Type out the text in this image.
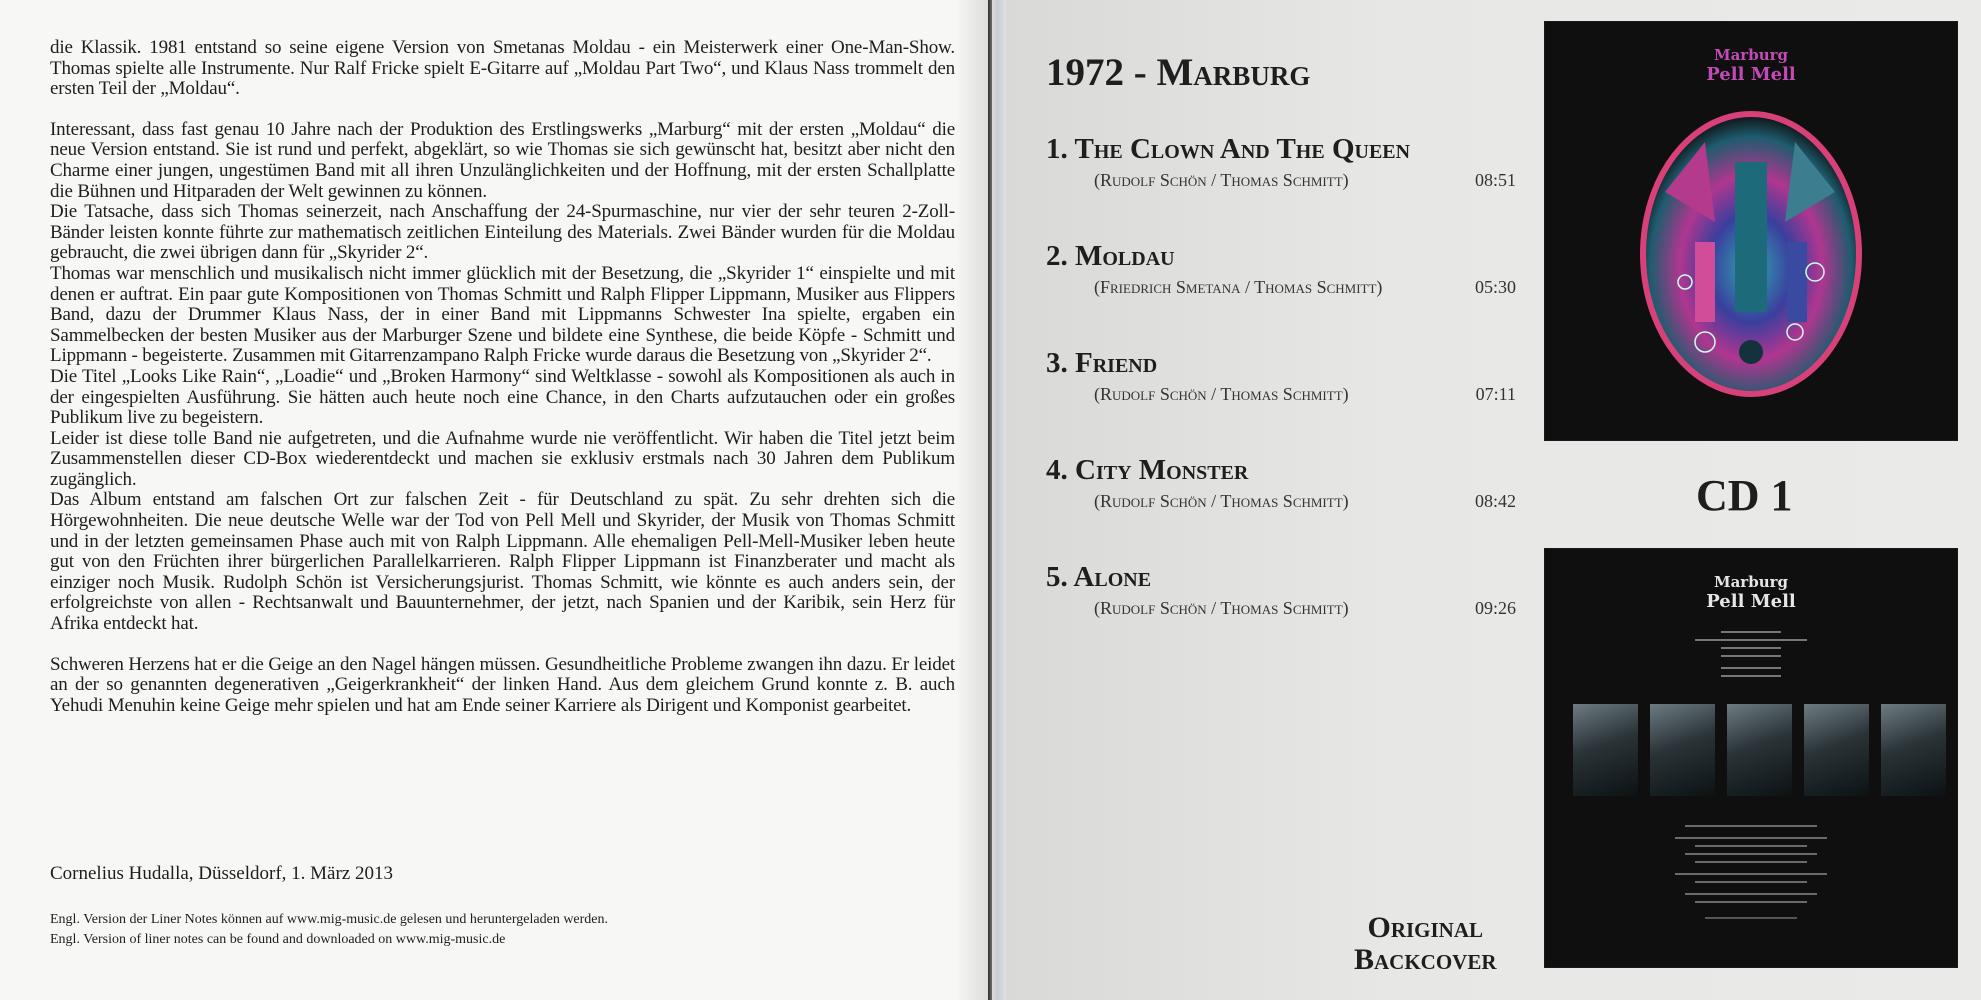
die Klassik. 1981 entstand so seine eigene Version von Smetanas Moldau - ein Meisterwerk einer One-Man-Show. Thomas spielte alle Instrumente. Nur Ralf Fricke spielt E-Gitarre auf „Moldau Part Two“, und Klaus Nass trommelt den ersten Teil der „Moldau“.

Interessant, dass fast genau 10 Jahre nach der Produktion des Erstlingswerks „Marburg“ mit der ersten „Moldau“ die neue Version entstand. Sie ist rund und perfekt, abgeklärt, so wie Thomas sie sich gewünscht hat, besitzt aber nicht den Charme einer jungen, ungestümen Band mit all ihren Unzulänglichkeiten und der Hoffnung, mit der ersten Schallplatte die Bühnen und Hitparaden der Welt gewinnen zu können.

Die Tatsache, dass sich Thomas seinerzeit, nach Anschaffung der 24-Spurmaschine, nur vier der sehr teuren 2-Zoll-Bänder leisten konnte führte zur mathematisch zeitlichen Einteilung des Materials. Zwei Bänder wurden für die Moldau gebraucht, die zwei übrigen dann für „Skyrider 2“.

Thomas war menschlich und musikalisch nicht immer glücklich mit der Besetzung, die „Skyrider 1“ einspielte und mit denen er auftrat. Ein paar gute Kompositionen von Thomas Schmitt und Ralph Flipper Lippmann, Musiker aus Flippers Band, dazu der Drummer Klaus Nass, der in einer Band mit Lippmanns Schwester Ina spielte, ergaben ein Sammelbecken der besten Musiker aus der Marburger Szene und bildete eine Synthese, die beide Köpfe - Schmitt und Lippmann - begeisterte. Zusammen mit Gitarrenzampano Ralph Fricke wurde daraus die Besetzung von „Skyrider 2“.

Die Titel „Looks Like Rain“, „Loadie“ und „Broken Harmony“ sind Weltklasse - sowohl als Kompositionen als auch in der eingespielten Ausführung. Sie hätten auch heute noch eine Chance, in den Charts aufzutauchen oder ein großes Publikum live zu begeistern.

Leider ist diese tolle Band nie aufgetreten, und die Aufnahme wurde nie veröffentlicht. Wir haben die Titel jetzt beim Zusammenstellen dieser CD-Box wiederentdeckt und machen sie exklusiv erstmals nach 30 Jahren dem Publikum zugänglich.

Das Album entstand am falschen Ort zur falschen Zeit - für Deutschland zu spät. Zu sehr drehten sich die Hörgewohnheiten. Die neue deutsche Welle war der Tod von Pell Mell und Skyrider, der Musik von Thomas Schmitt und in der letzten gemeinsamen Phase auch mit von Ralph Lippmann. Alle ehemaligen Pell-Mell-Musiker leben heute gut von den Früchten ihrer bürgerlichen Parallelkarrieren. Ralph Flipper Lippmann ist Finanzberater und macht als einziger noch Musik. Rudolph Schön ist Versicherungsjurist. Thomas Schmitt, wie könnte es auch anders sein, der erfolgreichste von allen - Rechtsanwalt und Bauunternehmer, der jetzt, nach Spanien und der Karibik, sein Herz für Afrika entdeckt hat.

Schweren Herzens hat er die Geige an den Nagel hängen müssen. Gesundheitliche Probleme zwangen ihn dazu. Er leidet an der so genannten degenerativen „Geigerkrankheit“ der linken Hand. Aus dem gleichem Grund konnte z. B. auch Yehudi Menuhin keine Geige mehr spielen und hat am Ende seiner Karriere als Dirigent und Komponist gearbeitet.

Cornelius Hudalla, Düsseldorf, 1. März 2013
Engl. Version der Liner Notes können auf www.mig-music.de gelesen und heruntergeladen werden.
Engl. Version of liner notes can be found and downloaded on www.mig-music.de
1972 - Marburg
1. The Clown And The Queen
(Rudolf Schön / Thomas Schmitt)	08:51
2. Moldau
(Friedrich Smetana / Thomas Schmitt)	05:30
3. Friend
(Rudolf Schön / Thomas Schmitt)	07:11
4. City Monster
(Rudolf Schön / Thomas Schmitt)	08:42
5. Alone
(Rudolf Schön / Thomas Schmitt)	09:26
CD 1
Original
Backcover
Marburg
Pell Mell
Marburg
Pell Mell
